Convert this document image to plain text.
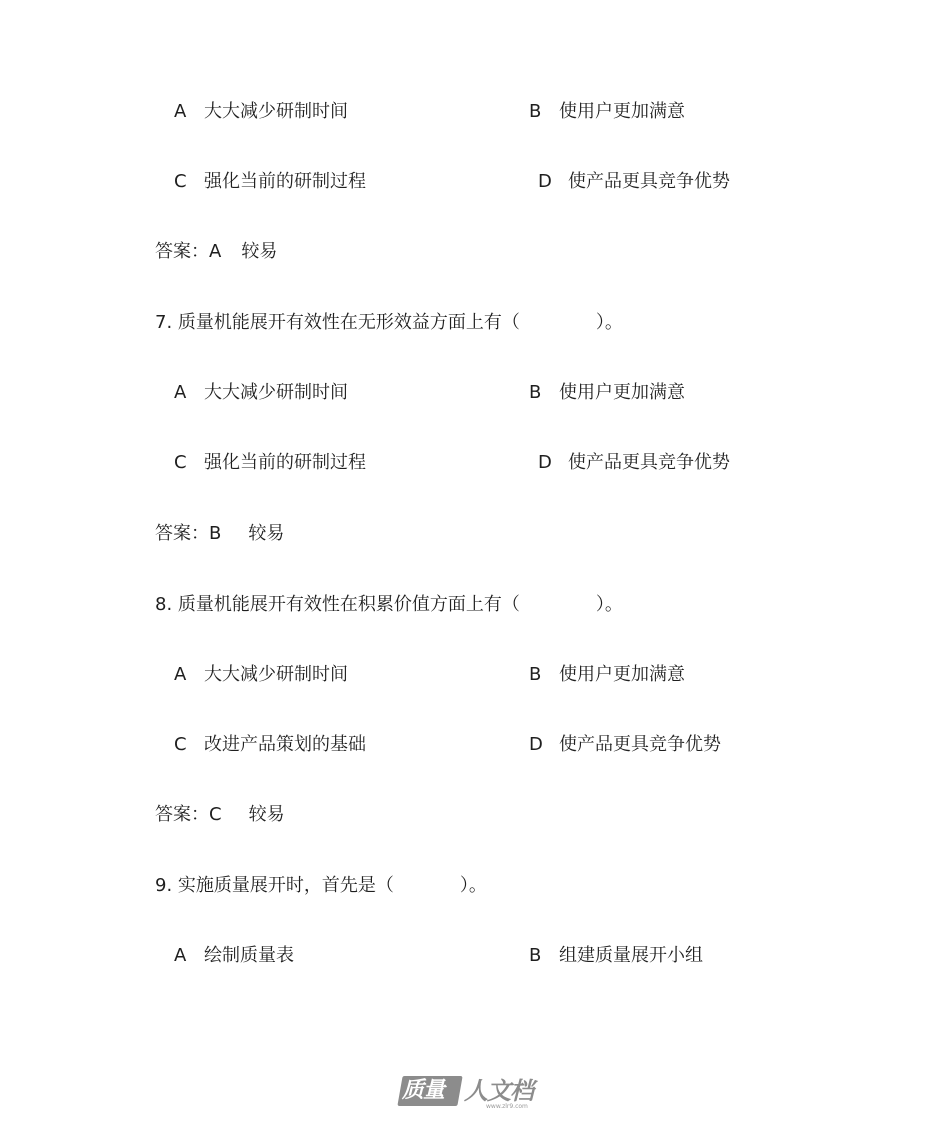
A 大大减少研制时间	B 使用户更加满意
C 强化当前的研制过程	D 使产品更具竞争优势
答案：A 较易
7. 质量机能展开有效性在无形效益方面上有（	）。
A 大大减少研制时间	B 使用户更加满意
C 强化当前的研制过程	D 使产品更具竞争优势
答案：B 较易
8. 质量机能展开有效性在积累价值方面上有（	）。
A 大大减少研制时间	B 使用户更加满意
C 改进产品策划的基础	D 使产品更具竞争优势
答案：C 较易
9. 实施质量展开时，首先是（	）。
A 绘制质量表	B 组建质量展开小组
质量 人文档
www.zlr9.com
